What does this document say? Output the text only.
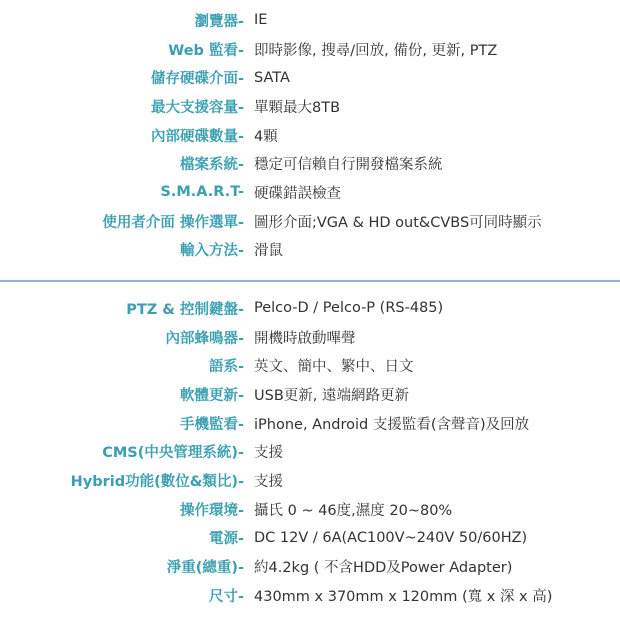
瀏覽器- IE
Web 監看- 即時影像, 搜尋/回放, 備份, 更新, PTZ
儲存硬碟介面- SATA
最大支援容量- 單顆最大8TB
內部硬碟數量- 4顆
檔案系統- 穩定可信賴自行開發檔案系統
S.M.A.R.T- 硬碟錯誤檢查
使用者介面 操作選單- 圖形介面;VGA & HD out&CVBS可同時顯示
輸入方法- 滑鼠
PTZ & 控制鍵盤- Pelco-D / Pelco-P (RS-485)
內部蜂鳴器- 開機時啟動嗶聲
語系- 英文、簡中、繁中、日文
軟體更新- USB更新, 遠端網路更新
手機監看- iPhone, Android 支援監看(含聲音)及回放
CMS(中央管理系統)- 支援
Hybrid功能(數位&類比)- 支援
操作環境- 攝氏 0 ~ 46度,濕度 20~80%
電源- DC 12V / 6A(AC100V~240V 50/60HZ)
淨重(總重)- 約4.2kg ( 不含HDD及Power Adapter)
尺寸- 430mm x 370mm x 120mm (寬 x 深 x 高)
